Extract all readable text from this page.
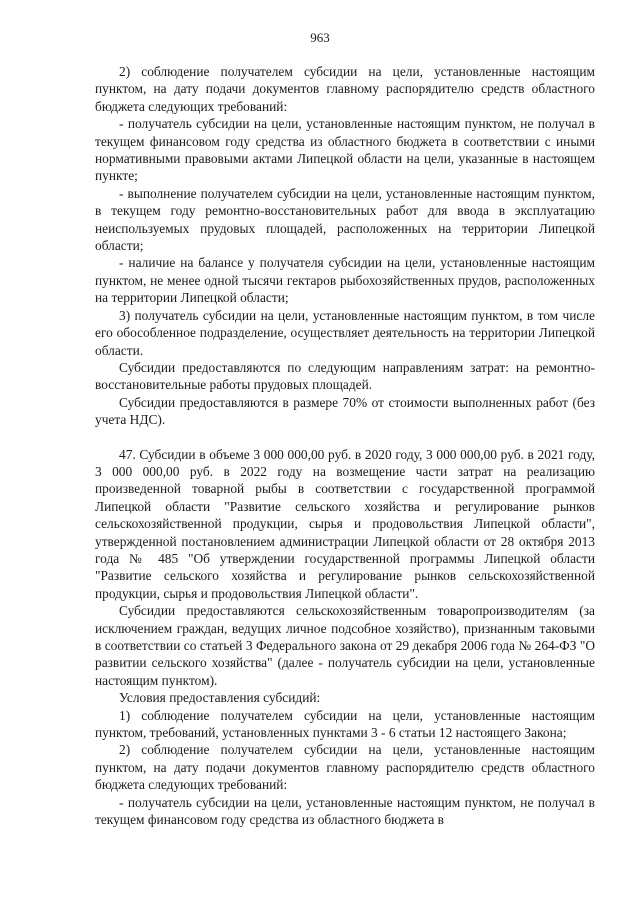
963

2) соблюдение получателем субсидии на цели, установленные настоящим пунктом, на дату подачи документов главному распорядителю средств областного бюджета следующих требований:

- получатель субсидии на цели, установленные настоящим пунктом, не получал в текущем финансовом году средства из областного бюджета в соответствии с иными нормативными правовыми актами Липецкой области на цели, указанные в настоящем пункте;

- выполнение получателем субсидии на цели, установленные настоящим пунктом, в текущем году ремонтно-восстановительных работ для ввода в эксплуатацию неиспользуемых прудовых площадей, расположенных на территории Липецкой области;

- наличие на балансе у получателя субсидии на цели, установленные настоящим пунктом, не менее одной тысячи гектаров рыбохозяйственных прудов, расположенных на территории Липецкой области;

3) получатель субсидии на цели, установленные настоящим пунктом, в том числе его обособленное подразделение, осуществляет деятельность на территории Липецкой области.

Субсидии предоставляются по следующим направлениям затрат: на ремонтно-восстановительные работы прудовых площадей.

Субсидии предоставляются в размере 70% от стоимости выполненных работ (без учета НДС).

47. Субсидии в объеме 3 000 000,00 руб. в 2020 году, 3 000 000,00 руб. в 2021 году, 3 000 000,00 руб. в 2022 году на возмещение части затрат на реализацию произведенной товарной рыбы в соответствии с государственной программой Липецкой области "Развитие сельского хозяйства и регулирование рынков сельскохозяйственной продукции, сырья и продовольствия Липецкой области", утвержденной постановлением администрации Липецкой области от 28 октября 2013 года № 485 "Об утверждении государственной программы Липецкой области "Развитие сельского хозяйства и регулирование рынков сельскохозяйственной продукции, сырья и продовольствия Липецкой области".

Субсидии предоставляются сельскохозяйственным товаропроизводителям (за исключением граждан, ведущих личное подсобное хозяйство), признанным таковыми в соответствии со статьей 3 Федерального закона от 29 декабря 2006 года № 264-ФЗ "О развитии сельского хозяйства" (далее - получатель субсидии на цели, установленные настоящим пунктом).

Условия предоставления субсидий:

1) соблюдение получателем субсидии на цели, установленные настоящим пунктом, требований, установленных пунктами 3 - 6 статьи 12 настоящего Закона;

2) соблюдение получателем субсидии на цели, установленные настоящим пунктом, на дату подачи документов главному распорядителю средств областного бюджета следующих требований:

- получатель субсидии на цели, установленные настоящим пунктом, не получал в текущем финансовом году средства из областного бюджета в
